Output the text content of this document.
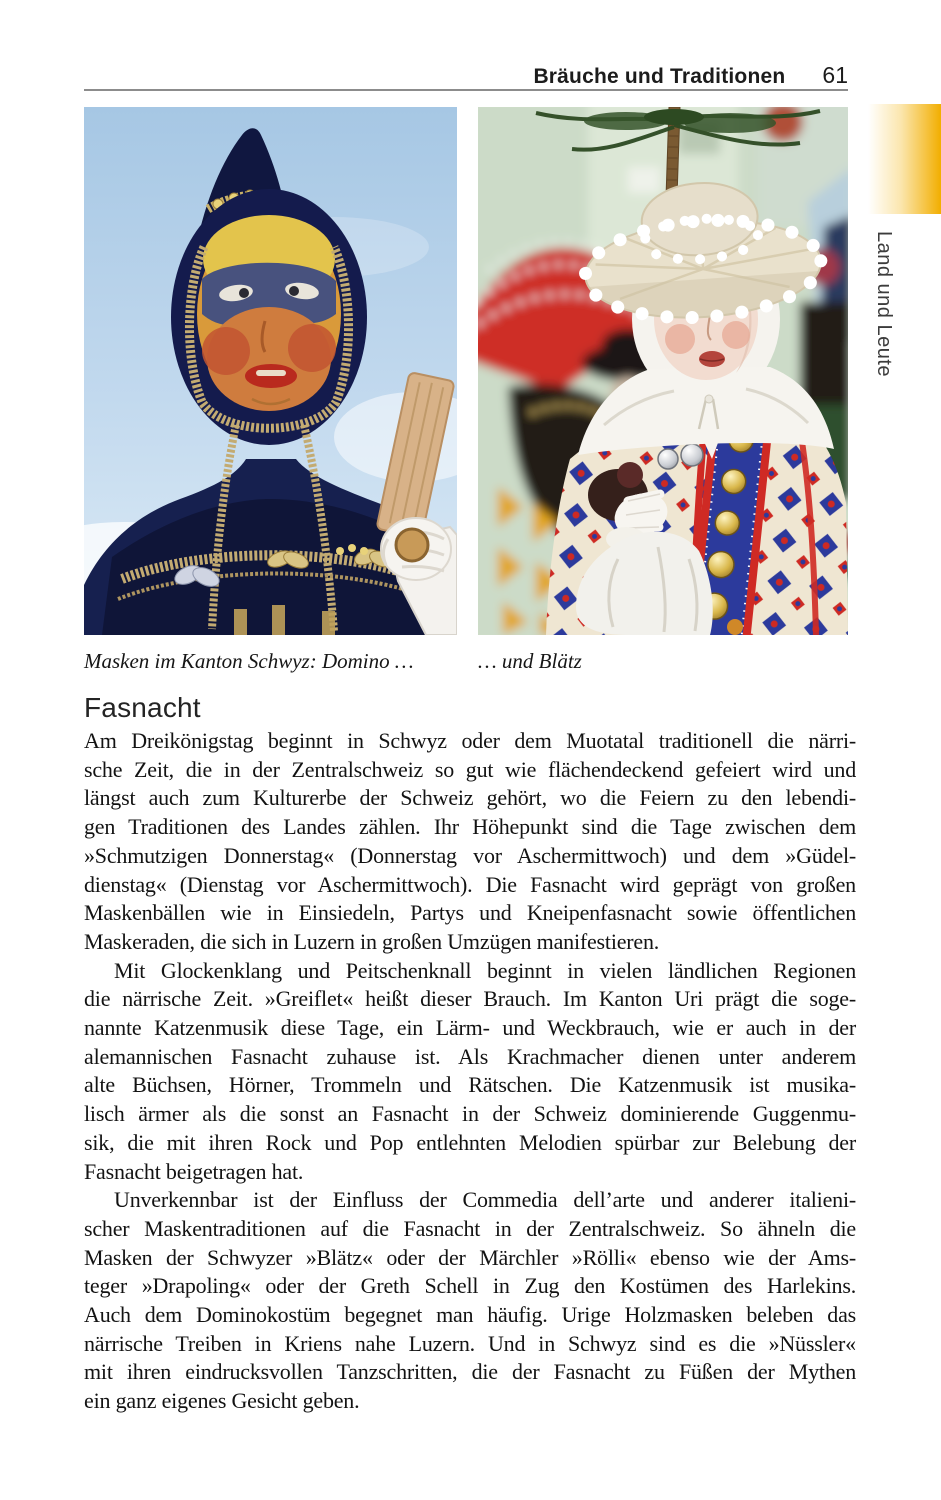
Bräuche und Traditionen 61
Land und Leute
Masken im Kanton Schwyz: Domino …	… und Blätz
Fasnacht
Am Dreikönigstag beginnt in Schwyz oder dem Muotatal traditionell die närri-
sche Zeit, die in der Zentralschweiz so gut wie flächendeckend gefeiert wird und
längst auch zum Kulturerbe der Schweiz gehört, wo die Feiern zu den lebendi-
gen Traditionen des Landes zählen. Ihr Höhepunkt sind die Tage zwischen dem
»Schmutzigen Donnerstag« (Donnerstag vor Aschermittwoch) und dem »Güdel-
dienstag« (Dienstag vor Aschermittwoch). Die Fasnacht wird geprägt von großen
Maskenbällen wie in Einsiedeln, Partys und Kneipenfasnacht sowie öffentlichen
Maskeraden, die sich in Luzern in großen Umzügen manifestieren.
Mit Glockenklang und Peitschenknall beginnt in vielen ländlichen Regionen
die närrische Zeit. »Greiflet« heißt dieser Brauch. Im Kanton Uri prägt die soge-
nannte Katzenmusik diese Tage, ein Lärm- und Weckbrauch, wie er auch in der
alemannischen Fasnacht zuhause ist. Als Krachmacher dienen unter anderem
alte Büchsen, Hörner, Trommeln und Rätschen. Die Katzenmusik ist musika-
lisch ärmer als die sonst an Fasnacht in der Schweiz dominierende Guggenmu-
sik, die mit ihren Rock und Pop entlehnten Melodien spürbar zur Belebung der
Fasnacht beigetragen hat.
Unverkennbar ist der Einfluss der Commedia dell’arte und anderer italieni-
scher Maskentraditionen auf die Fasnacht in der Zentralschweiz. So ähneln die
Masken der Schwyzer »Blätz« oder der Märchler »Rölli« ebenso wie der Ams-
teger »Drapoling« oder der Greth Schell in Zug den Kostümen des Harlekins.
Auch dem Dominokostüm begegnet man häufig. Urige Holzmasken beleben das
närrische Treiben in Kriens nahe Luzern. Und in Schwyz sind es die »Nüssler«
mit ihren eindrucksvollen Tanzschritten, die der Fasnacht zu Füßen der Mythen
ein ganz eigenes Gesicht geben.
